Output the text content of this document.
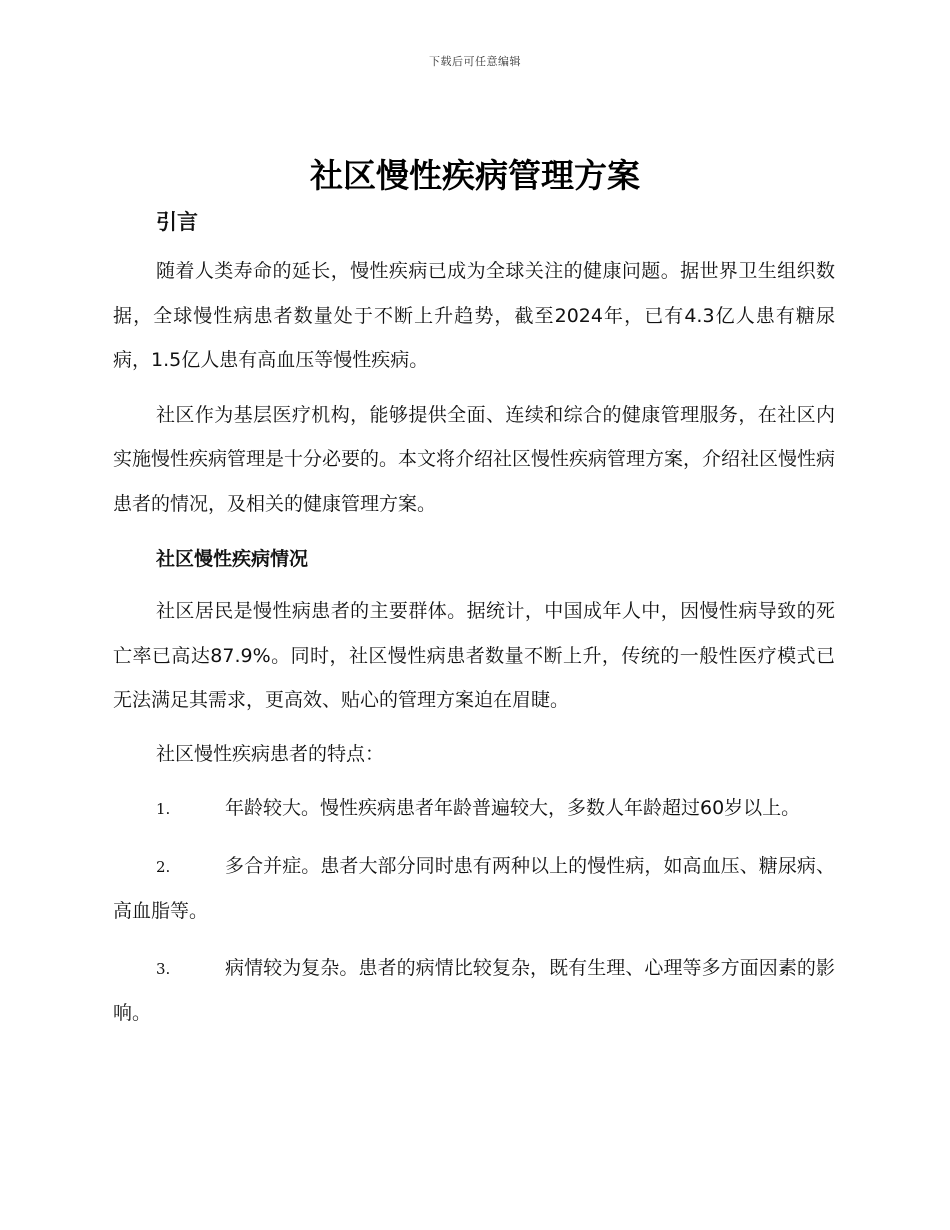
下载后可任意编辑
社区慢性疾病管理方案
引言

随着人类寿命的延长，慢性疾病已成为全球关注的健康问题。据世界卫生组织数据，全球慢性病患者数量处于不断上升趋势，截至2024年，已有4.3亿人患有糖尿病，1.5亿人患有高血压等慢性疾病。

社区作为基层医疗机构，能够提供全面、连续和综合的健康管理服务，在社区内实施慢性疾病管理是十分必要的。本文将介绍社区慢性疾病管理方案，介绍社区慢性病患者的情况，及相关的健康管理方案。

社区慢性疾病情况

社区居民是慢性病患者的主要群体。据统计，中国成年人中，因慢性病导致的死亡率已高达87.9%。同时，社区慢性病患者数量不断上升，传统的一般性医疗模式已无法满足其需求，更高效、贴心的管理方案迫在眉睫。

社区慢性疾病患者的特点：

1.	年龄较大。慢性疾病患者年龄普遍较大，多数人年龄超过60岁以上。

2.	多合并症。患者大部分同时患有两种以上的慢性病，如高血压、糖尿病、高血脂等。

3.	病情较为复杂。患者的病情比较复杂，既有生理、心理等多方面因素的影响。
